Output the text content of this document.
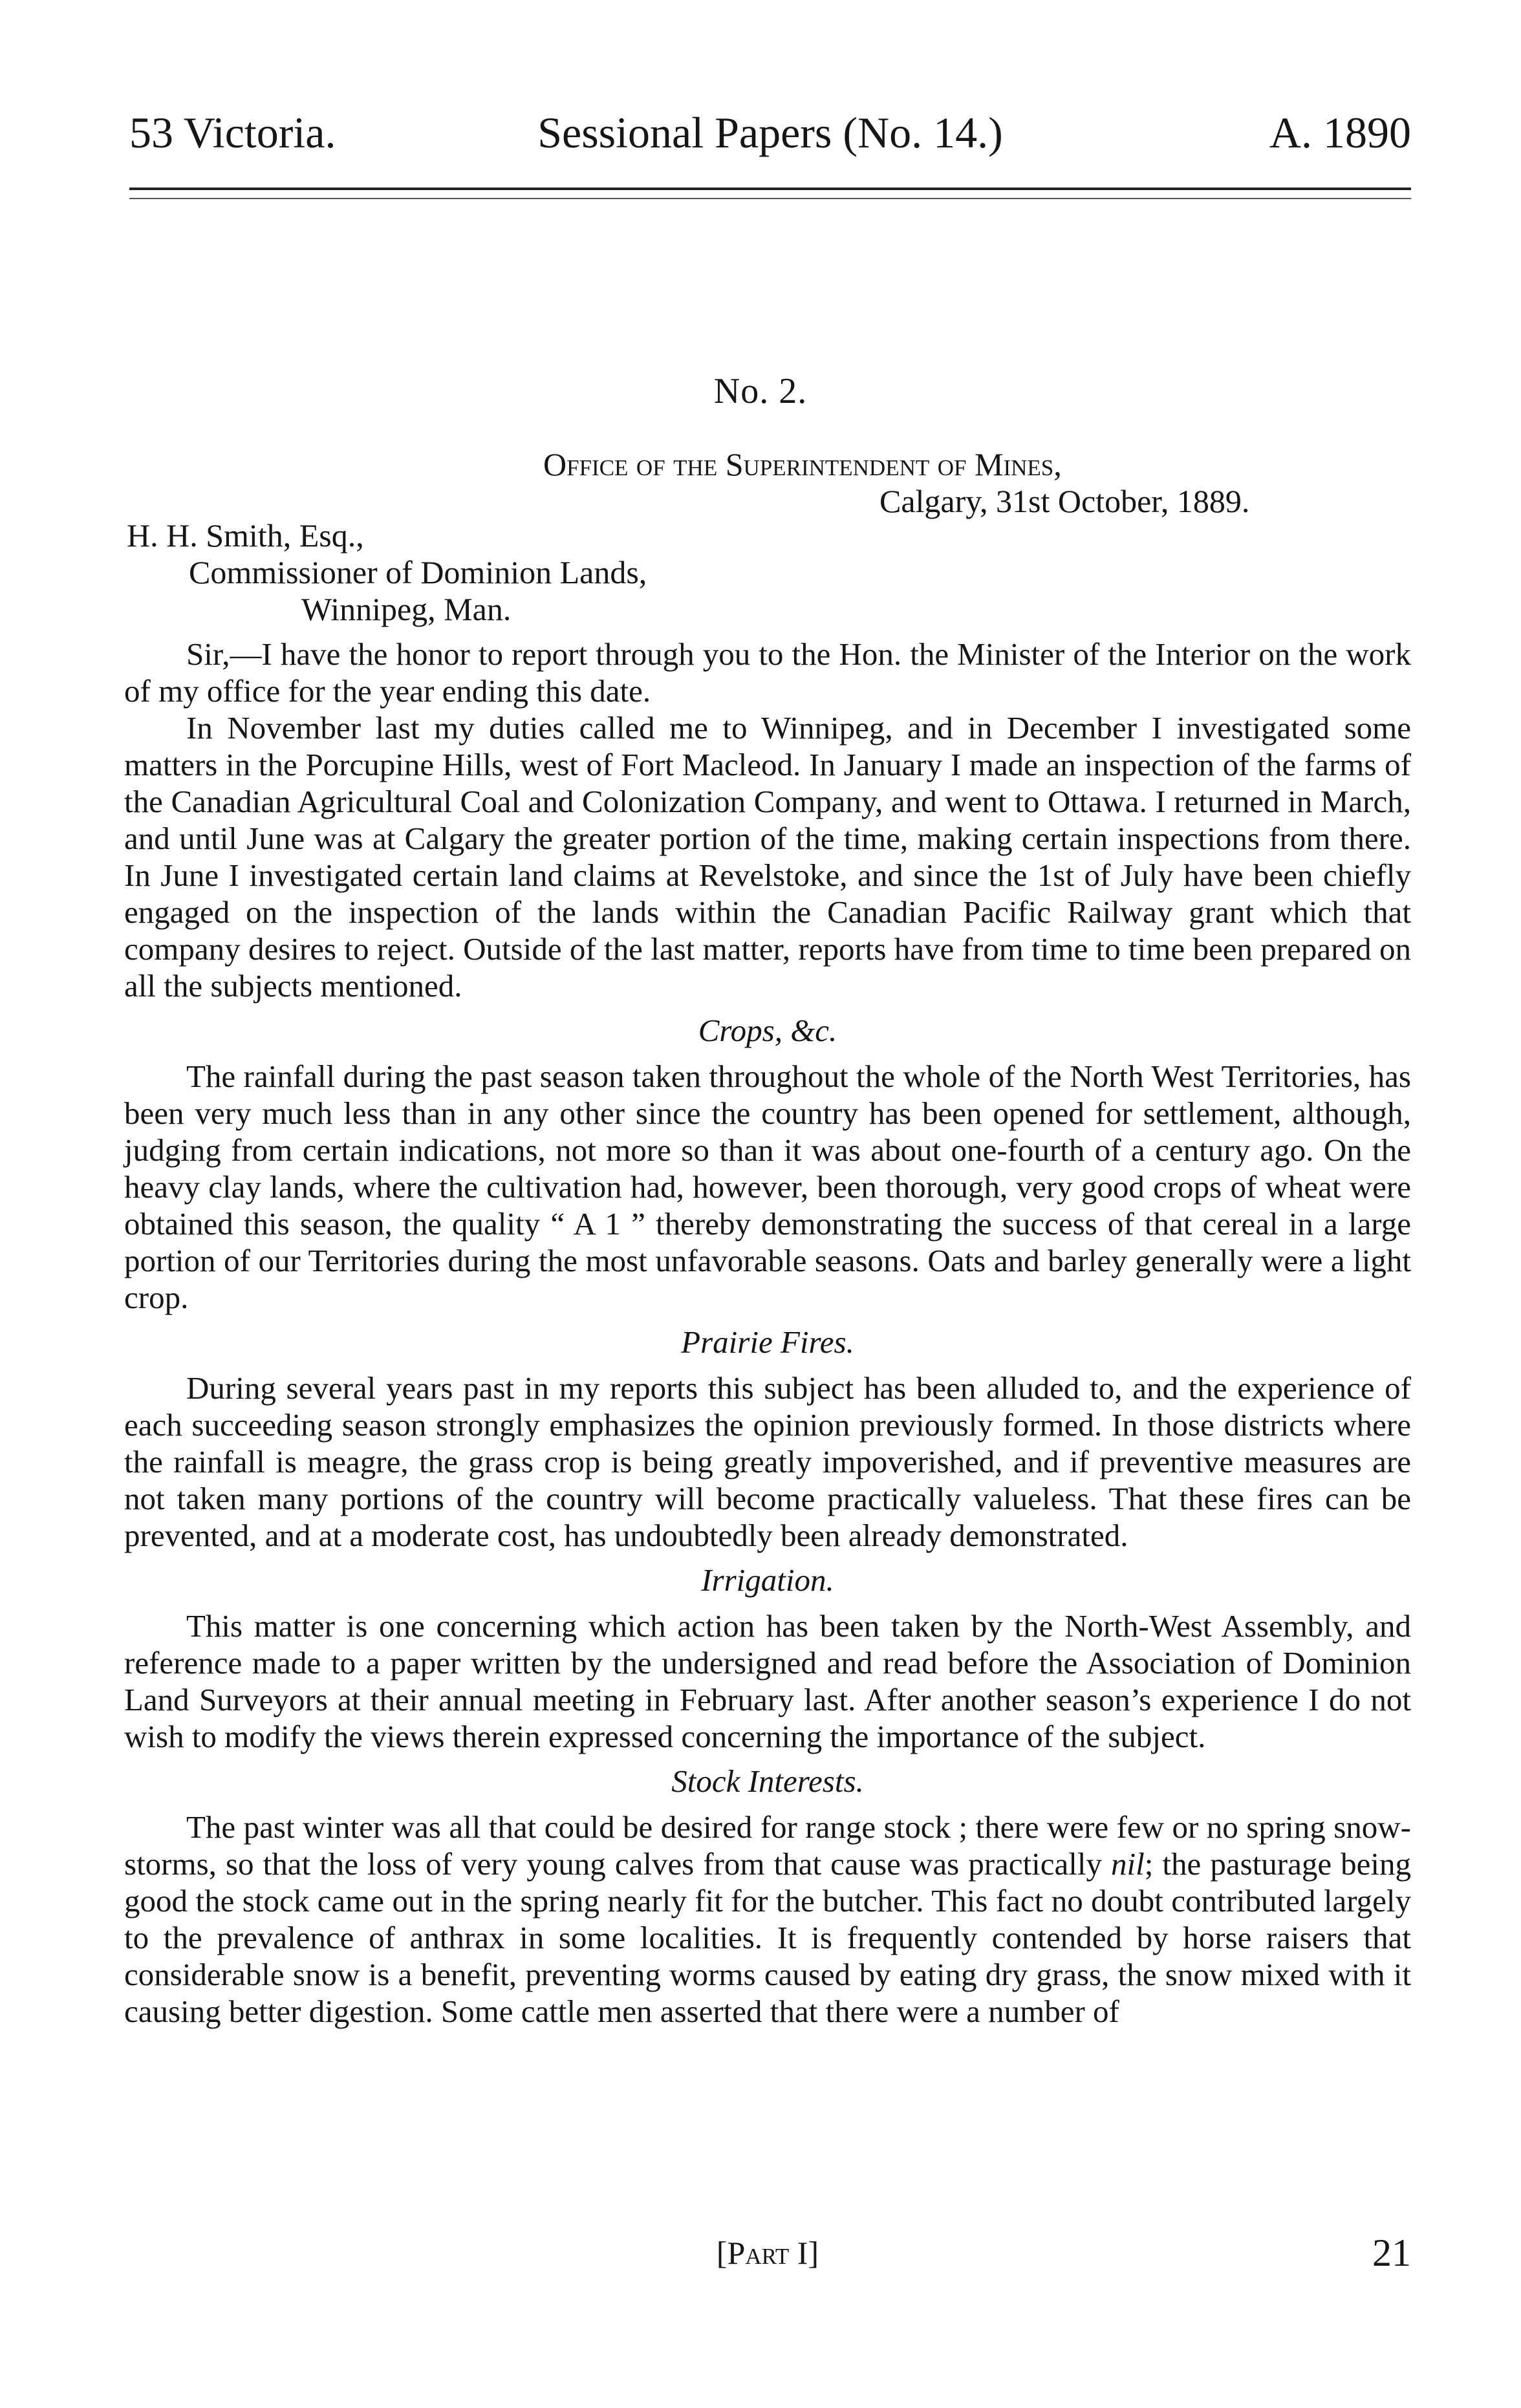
53 Victoria.	Sessional Papers (No. 14.)	A. 1890
No. 2.
Office of the Superintendent of Mines,
Calgary, 31st October, 1889.
H. H. Smith, Esq.,
Commissioner of Dominion Lands,
Winnipeg, Man.

Sir,—I have the honor to report through you to the Hon. the Minister of the Interior on the work of my office for the year ending this date.

In November last my duties called me to Winnipeg, and in December I investigated some matters in the Porcupine Hills, west of Fort Macleod. In January I made an inspection of the farms of the Canadian Agricultural Coal and Colonization Company, and went to Ottawa. I returned in March, and until June was at Calgary the greater portion of the time, making certain inspections from there. In June I investigated certain land claims at Revelstoke, and since the 1st of July have been chiefly engaged on the inspection of the lands within the Canadian Pacific Railway grant which that company desires to reject. Outside of the last matter, reports have from time to time been prepared on all the subjects mentioned.

Crops, &c.

The rainfall during the past season taken throughout the whole of the North West Territories, has been very much less than in any other since the country has been opened for settlement, although, judging from certain indications, not more so than it was about one-fourth of a century ago. On the heavy clay lands, where the cultivation had, however, been thorough, very good crops of wheat were obtained this season, the quality “ A 1 ” thereby demonstrating the success of that cereal in a large portion of our Territories during the most unfavorable seasons. Oats and barley generally were a light crop.

Prairie Fires.

During several years past in my reports this subject has been alluded to, and the experience of each succeeding season strongly emphasizes the opinion previously formed. In those districts where the rainfall is meagre, the grass crop is being greatly impoverished, and if preventive measures are not taken many portions of the country will become practically valueless. That these fires can be prevented, and at a moderate cost, has undoubtedly been already demonstrated.

Irrigation.

This matter is one concerning which action has been taken by the North-West Assembly, and reference made to a paper written by the undersigned and read before the Association of Dominion Land Surveyors at their annual meeting in February last. After another season’s experience I do not wish to modify the views therein expressed concerning the importance of the subject.

Stock Interests.

The past winter was all that could be desired for range stock ; there were few or no spring snow-storms, so that the loss of very young calves from that cause was practically nil; the pasturage being good the stock came out in the spring nearly fit for the butcher. This fact no doubt contributed largely to the prevalence of anthrax in some localities. It is frequently contended by horse raisers that considerable snow is a benefit, preventing worms caused by eating dry grass, the snow mixed with it causing better digestion. Some cattle men asserted that there were a number of

[Part I]	21
